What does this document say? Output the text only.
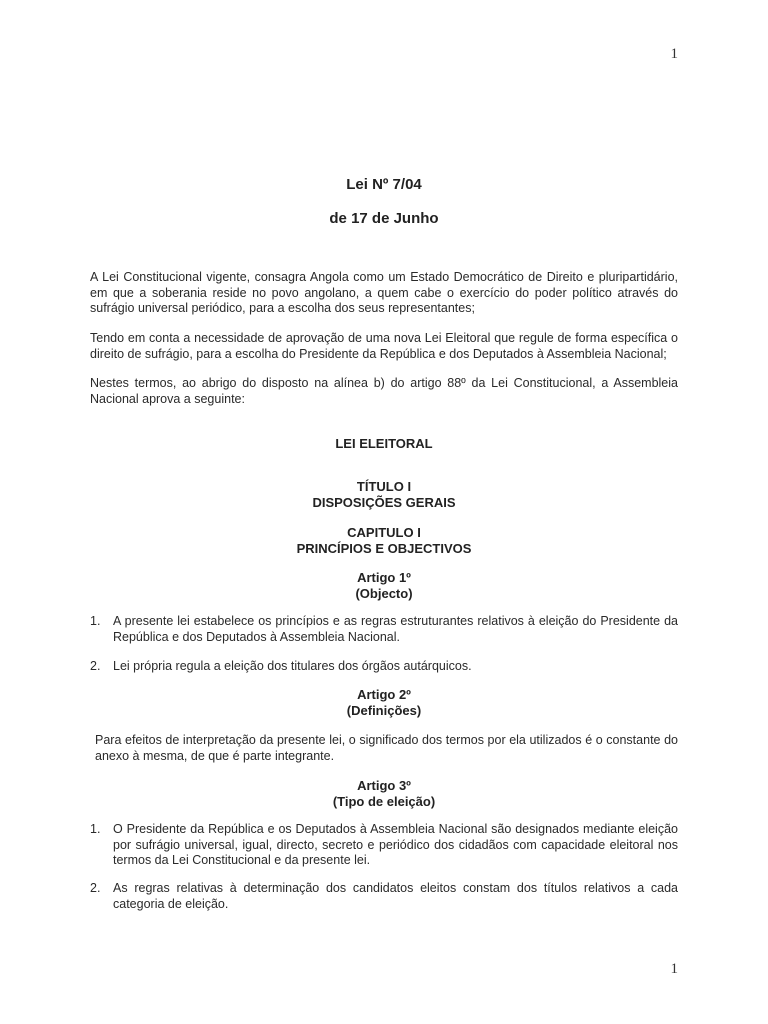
1
Lei Nº 7/04
de 17 de Junho
A Lei Constitucional vigente, consagra Angola como um Estado Democrático de Direito e pluripartidário, em que a soberania reside no povo angolano, a quem cabe o exercício do poder político através do sufrágio universal periódico, para a escolha dos seus representantes;
Tendo em conta a necessidade de aprovação de uma nova Lei Eleitoral que regule de forma específica o direito de sufrágio, para a escolha do Presidente da República e dos Deputados à Assembleia Nacional;
Nestes termos, ao abrigo do disposto na alínea b) do artigo 88º da Lei Constitucional, a Assembleia Nacional aprova a seguinte:
LEI ELEITORAL
TÍTULO I
DISPOSIÇÕES GERAIS
CAPITULO I
PRINCÍPIOS E OBJECTIVOS
Artigo 1º
(Objecto)
1. A presente lei estabelece os princípios e as regras estruturantes relativos à eleição do Presidente da República e dos Deputados à Assembleia Nacional.
2. Lei própria regula a eleição dos titulares dos órgãos autárquicos.
Artigo 2º
(Definições)
Para efeitos de interpretação da presente lei, o significado dos termos por ela utilizados é o constante do anexo à mesma, de que é parte integrante.
Artigo 3º
(Tipo de eleição)
1. O Presidente da República e os Deputados à Assembleia Nacional são designados mediante eleição por sufrágio universal, igual, directo, secreto e periódico dos cidadãos com capacidade eleitoral nos termos da Lei Constitucional e da presente lei.
2. As regras relativas à determinação dos candidatos eleitos constam dos títulos relativos a cada categoria de eleição.
1
